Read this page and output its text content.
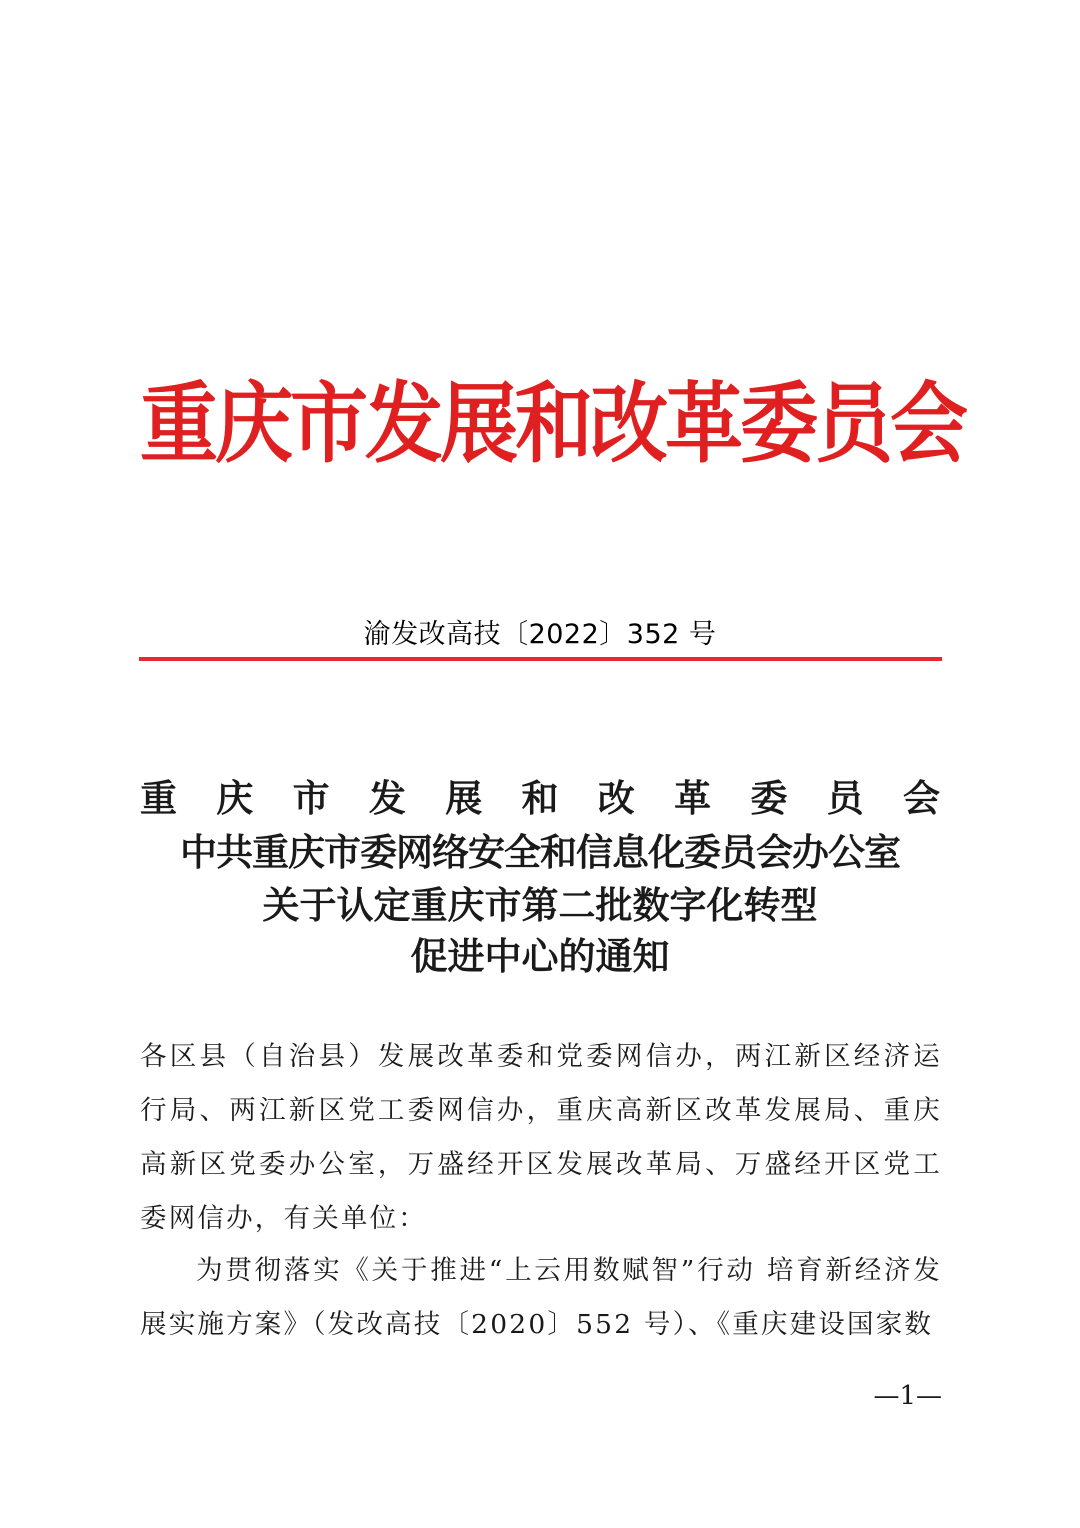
重庆市发展和改革委员会
渝发改高技〔2022〕352 号
重 庆 市 发 展 和 改 革 委 员 会
中共重庆市委网络安全和信息化委员会办公室
关于认定重庆市第二批数字化转型
促进中心的通知
各区县（自治县）发展改革委和党委网信办，两江新区经济运行局、两江新区党工委网信办，重庆高新区改革发展局、重庆高新区党委办公室，万盛经开区发展改革局、万盛经开区党工委网信办，有关单位：
为贯彻落实《关于推进“上云用数赋智”行动 培育新经济发展实施方案》（发改高技〔2020〕552 号）、《重庆建设国家数
—1—
